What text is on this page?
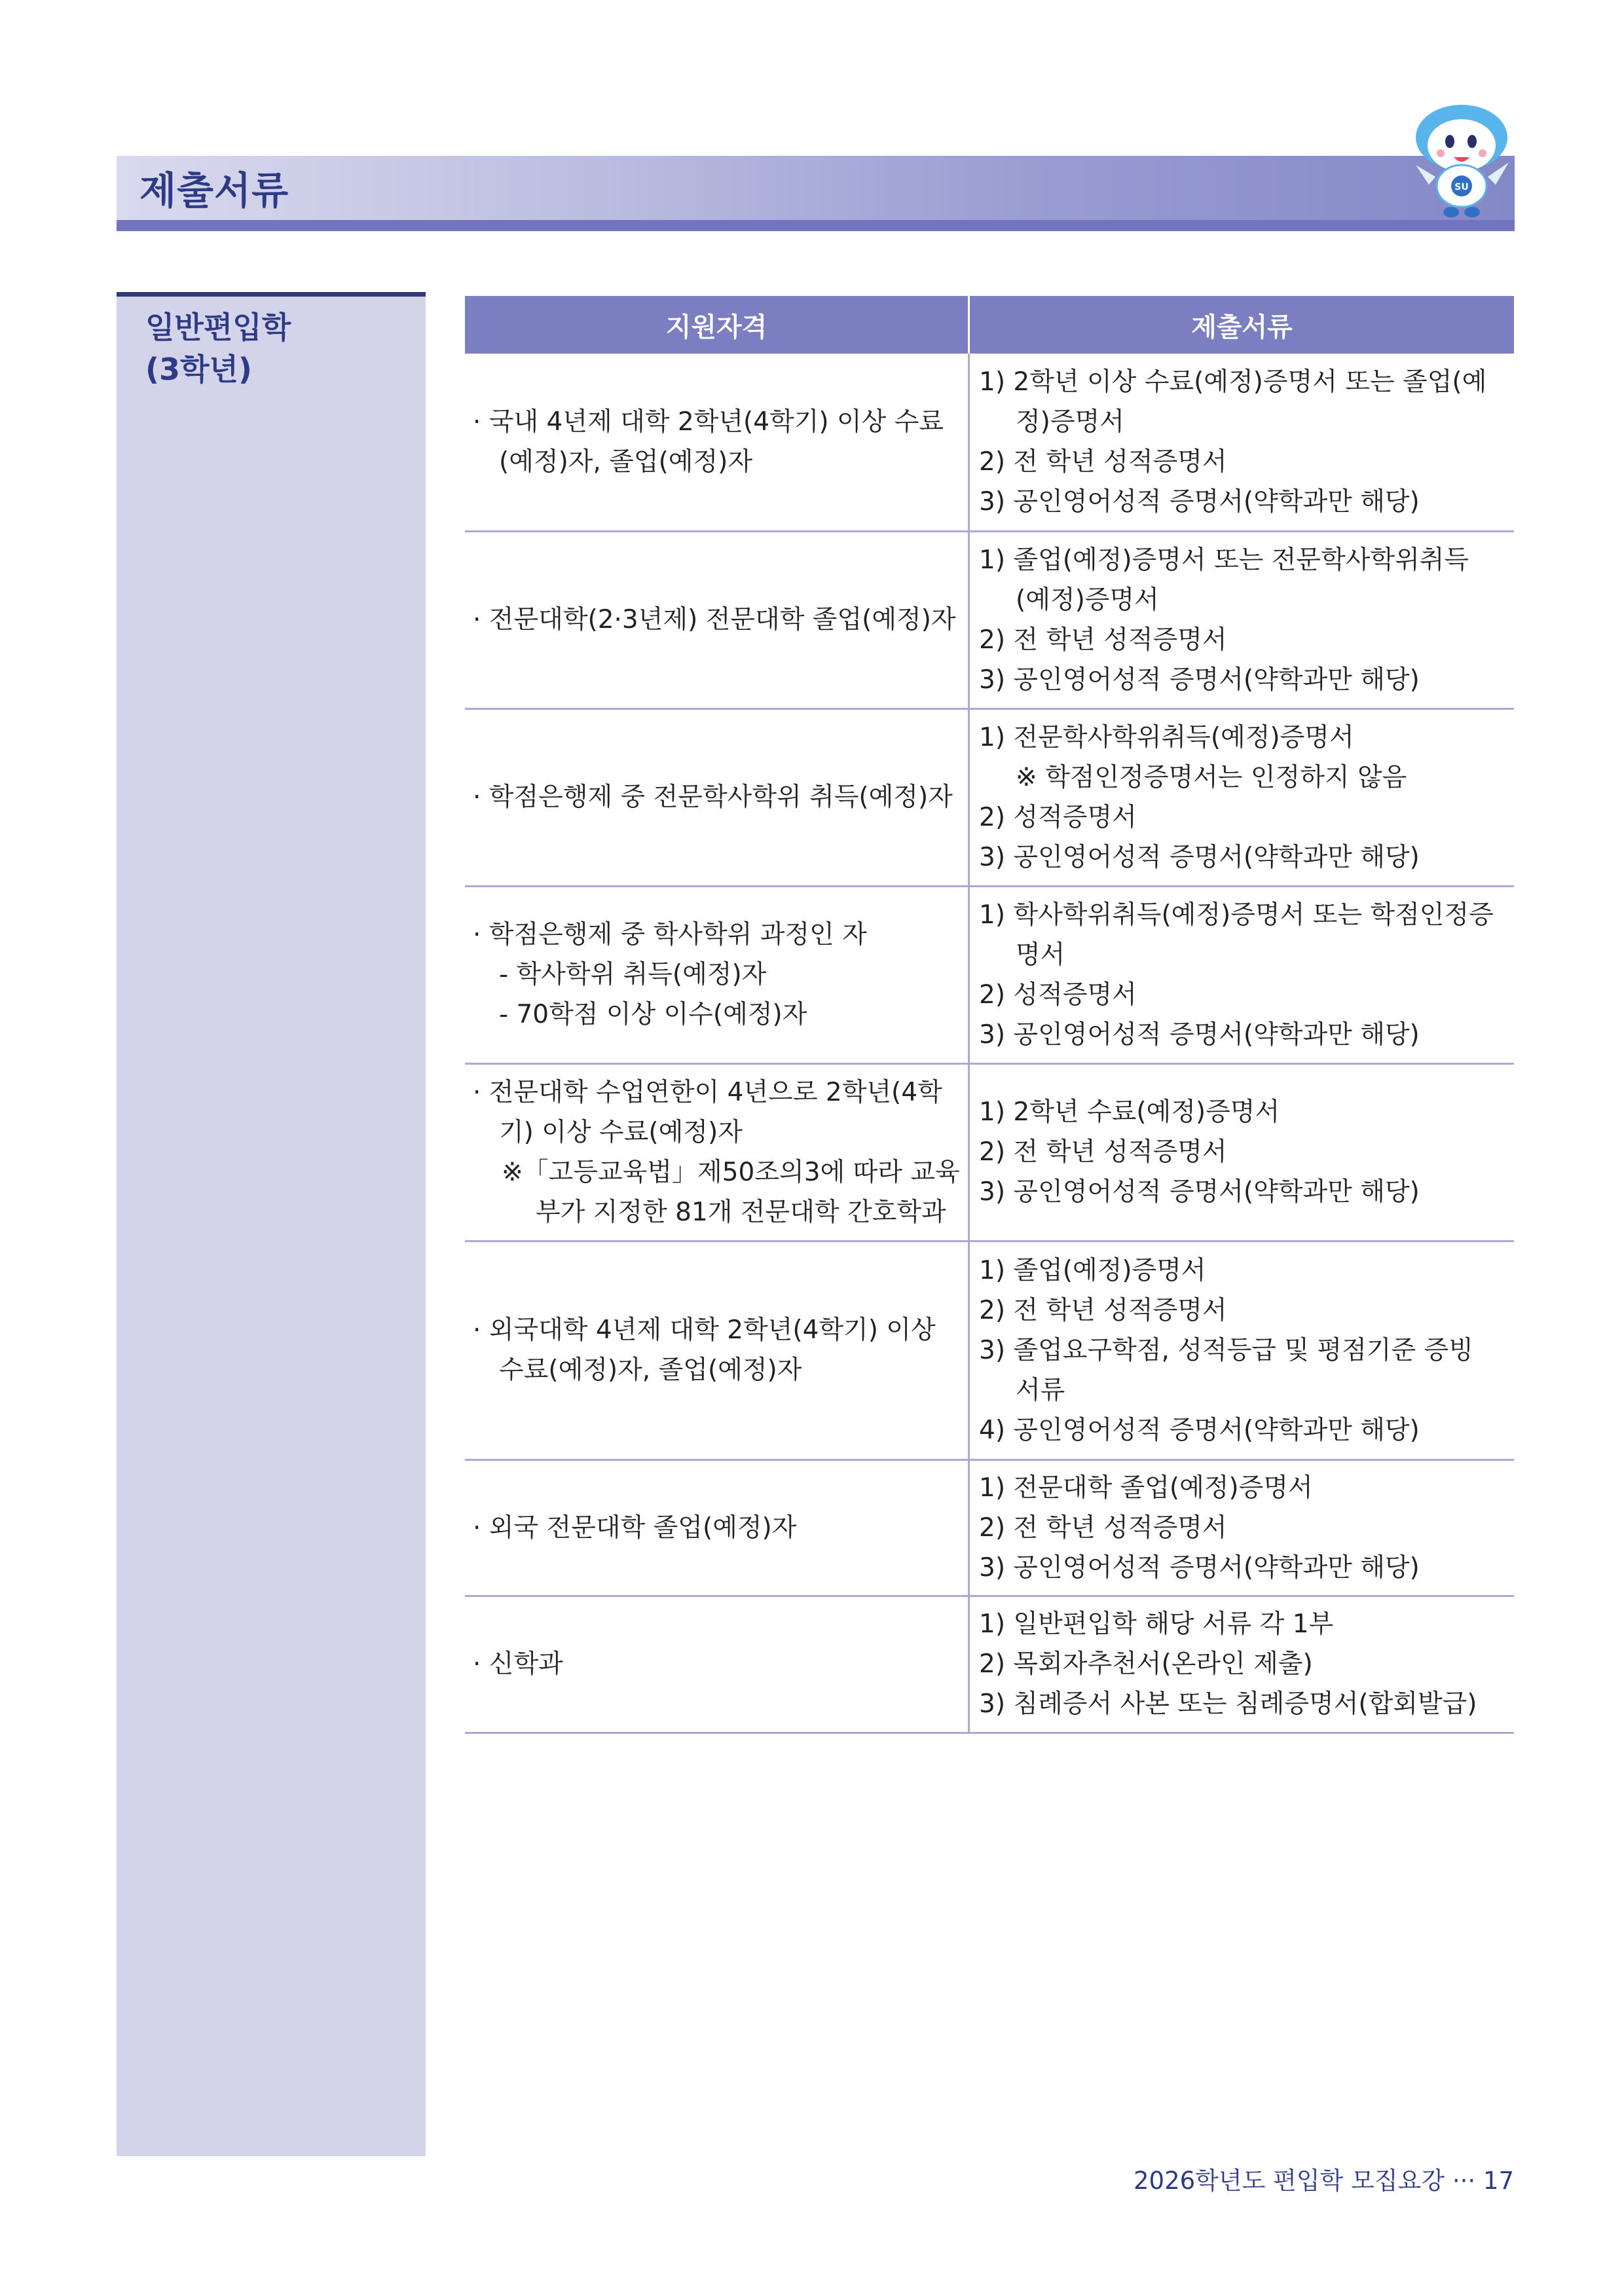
제출서류	SU
일반편입학
(3학년)
지원자격	제출서류

· 국내 4년제 대학 2학년(4학기) 이상 수료
(예정)자, 졸업(예정)자	1) 2학년 이상 수료(예정)증명서 또는 졸업(예
정)증명서
2) 전 학년 성적증명서
3) 공인영어성적 증명서(약학과만 해당)

· 전문대학(2·3년제) 전문대학 졸업(예정)자	1) 졸업(예정)증명서 또는 전문학사학위취득
(예정)증명서
2) 전 학년 성적증명서
3) 공인영어성적 증명서(약학과만 해당)

· 학점은행제 중 전문학사학위 취득(예정)자	1) 전문학사학위취득(예정)증명서
※ 학점인정증명서는 인정하지 않음
2) 성적증명서
3) 공인영어성적 증명서(약학과만 해당)

· 학점은행제 중 학사학위 과정인 자
- 학사학위 취득(예정)자
- 70학점 이상 이수(예정)자	1) 학사학위취득(예정)증명서 또는 학점인정증
명서
2) 성적증명서
3) 공인영어성적 증명서(약학과만 해당)

· 전문대학 수업연한이 4년으로 2학년(4학
기) 이상 수료(예정)자
※「고등교육법」제50조의3에 따라 교육
부가 지정한 81개 전문대학 간호학과	1) 2학년 수료(예정)증명서
2) 전 학년 성적증명서
3) 공인영어성적 증명서(약학과만 해당)

· 외국대학 4년제 대학 2학년(4학기) 이상
수료(예정)자, 졸업(예정)자	1) 졸업(예정)증명서
2) 전 학년 성적증명서
3) 졸업요구학점, 성적등급 및 평점기준 증빙
서류
4) 공인영어성적 증명서(약학과만 해당)

· 외국 전문대학 졸업(예정)자	1) 전문대학 졸업(예정)증명서
2) 전 학년 성적증명서
3) 공인영어성적 증명서(약학과만 해당)

· 신학과	1) 일반편입학 해당 서류 각 1부
2) 목회자추천서(온라인 제출)
3) 침례증서 사본 또는 침례증명서(합회발급)
2026학년도 편입학 모집요강 ··· 17
